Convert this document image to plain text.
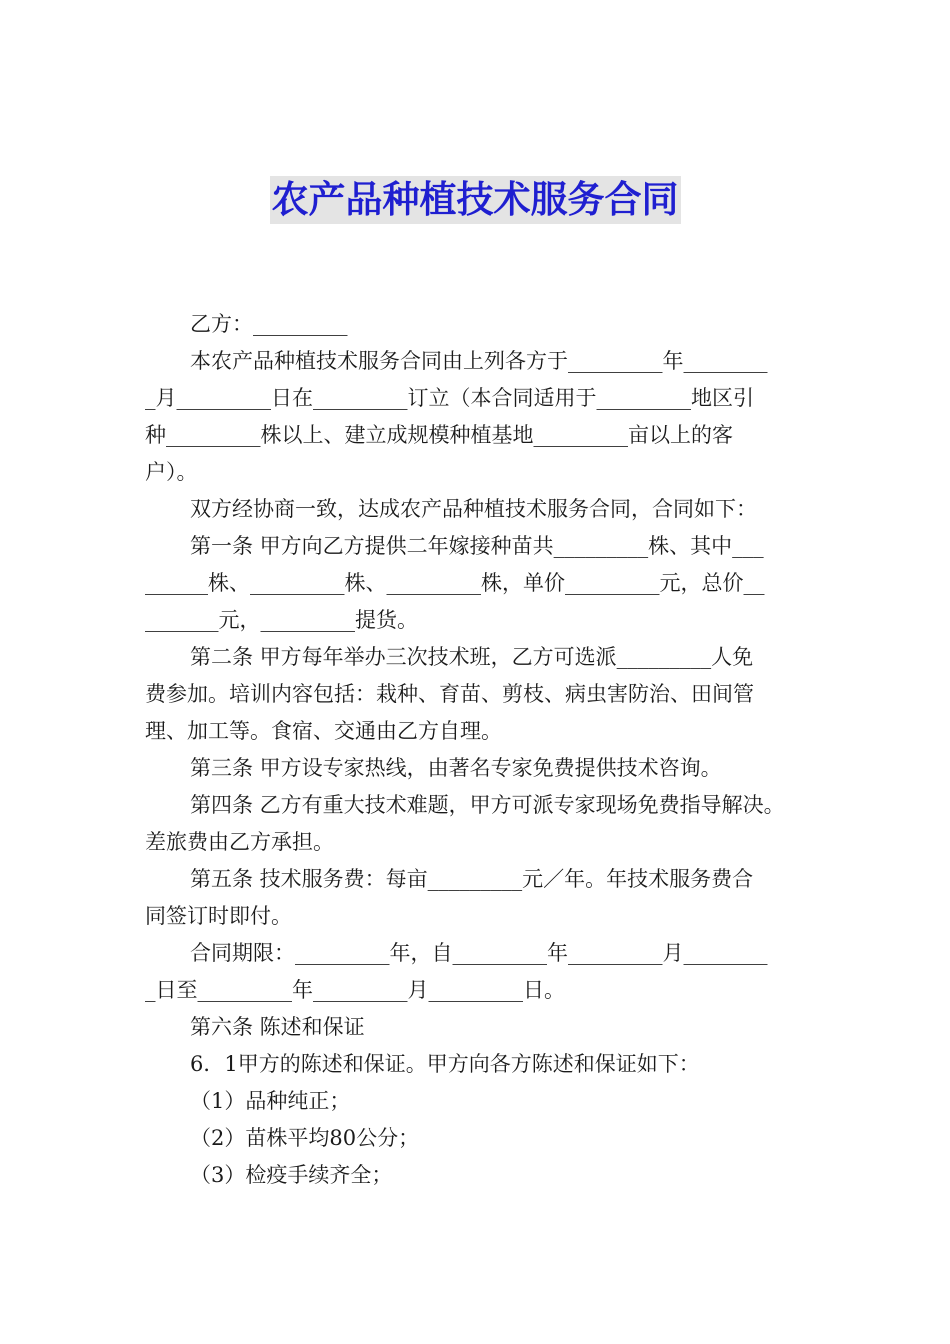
农产品种植技术服务合同

乙方：_________

本农产品种植技术服务合同由上列各方于_________年________

_月_________日在_________订立（本合同适用于_________地区引

种_________株以上、建立成规模种植基地_________亩以上的客

户）。

双方经协商一致，达成农产品种植技术服务合同，合同如下：

第一条 甲方向乙方提供二年嫁接种苗共_________株、其中___

______株、_________株、_________株，单价_________元，总价__

_______元，_________提货。

第二条 甲方每年举办三次技术班，乙方可选派_________人免

费参加。培训内容包括：栽种、育苗、剪枝、病虫害防治、田间管

理、加工等。食宿、交通由乙方自理。

第三条 甲方设专家热线，由著名专家免费提供技术咨询。

第四条 乙方有重大技术难题，甲方可派专家现场免费指导解决。

差旅费由乙方承担。

第五条 技术服务费：每亩_________元／年。年技术服务费合

同签订时即付。

合同期限：_________年，自_________年_________月________

_日至_________年_________月_________日。

第六条 陈述和保证

6．1甲方的陈述和保证。甲方向各方陈述和保证如下：

（1）品种纯正；

（2）苗株平均80公分；

（3）检疫手续齐全；
